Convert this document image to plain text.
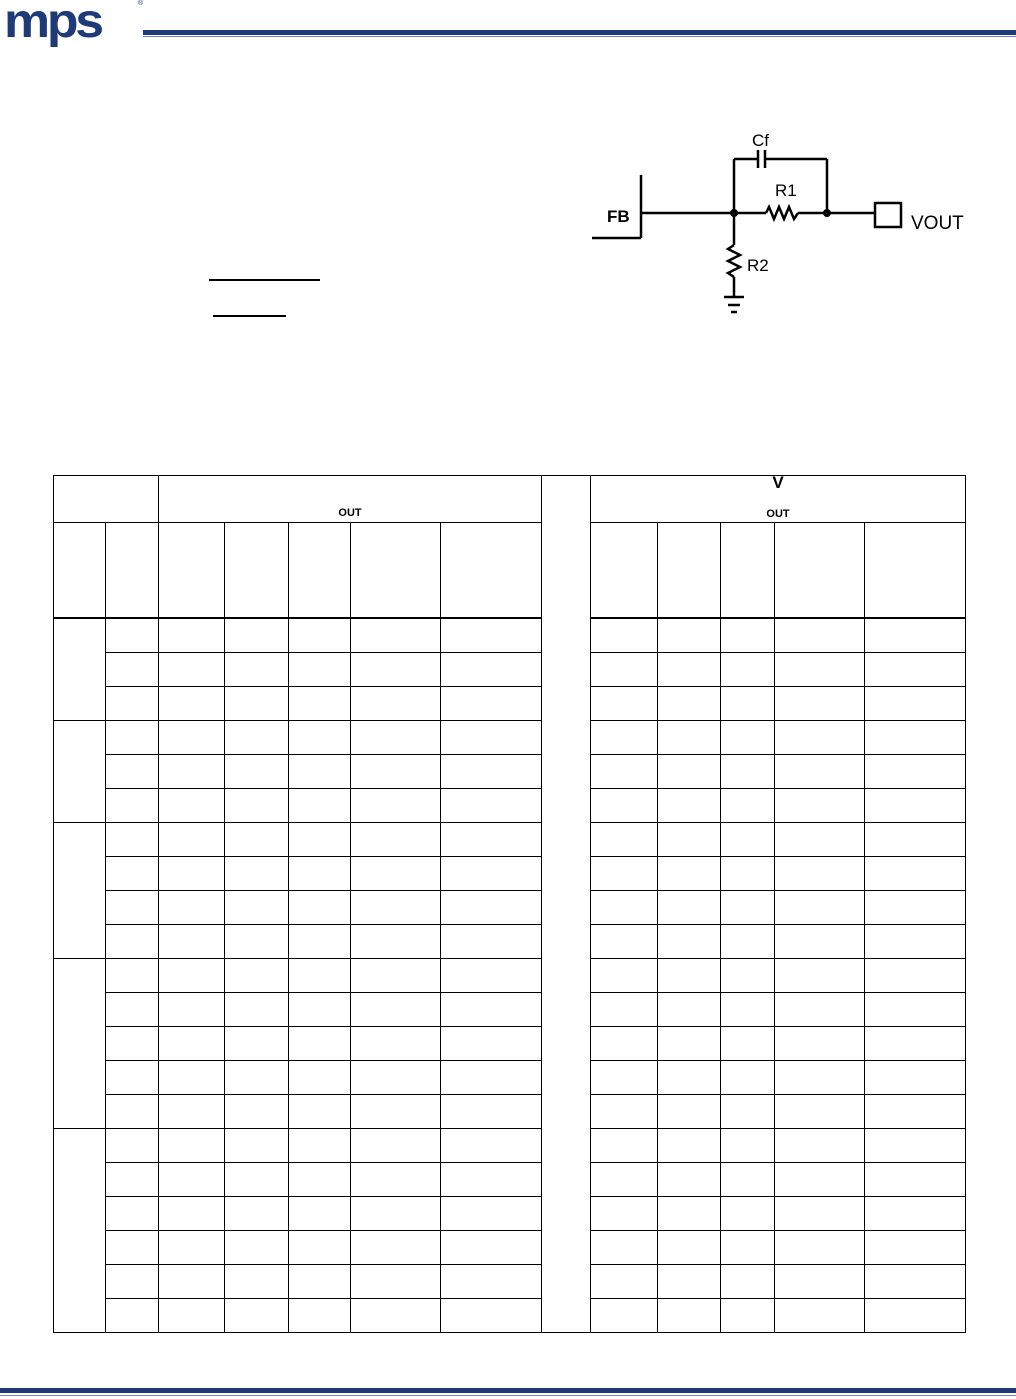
mps	®
FB
Cf
R1
R2
VOUT
		OUT						V
OUT				
